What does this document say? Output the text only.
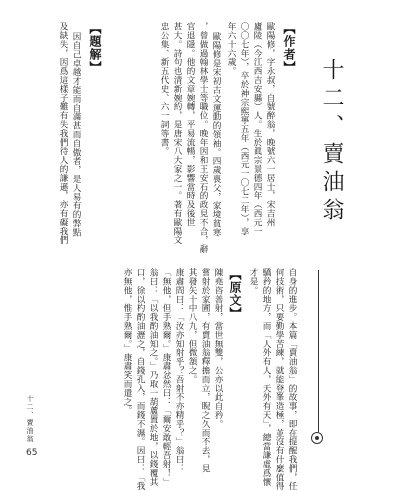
十二、賣油翁
自身的進步。本篇「賣油翁」的故事，即在提醒我們，任
何技術，只要勤學苦練，就能登峯造極，並沒有什麼值得
驕矜的地方，而「人外有人，天外有天」，總當謙虛爲懷
才是。
【原文】
陳堯咨善射，當世無雙，公亦以此自矜。
嘗射於家圃，有賣油翁釋擔而立，睨之久而不去，見
其發矢十中八九，但微頷之。
康肅問曰：「汝亦知射乎？吾射不亦精乎？」翁曰：
「無他，但手熟爾。」康肅忿然曰：「爾安敢輕吾射！」
翁曰：「以我酌油知之。」乃取一葫蘆置於地，以錢覆其
口，徐以杓酌油瀝之，自錢孔入，而錢不濕。因曰：「我
亦無他，惟手熟爾。」康肅笑而遣之。
【作者】
歐陽修，字永叔，自號醉翁，晚號六一居士，宋吉州
廬陵（今江西吉安縣）人。生於眞宗景德四年（西元一
〇〇七年），卒於神宗熙寧五年（西元一〇七二年），享
年六十六歲。
歐陽修是宋初古文運動的領袖。四歲喪父，家境貧寒
，曾做過翰林學士等職位。晚年因和王安石的政見不合，辭
官退隱。他的文章婉轉，平易流暢，影響當時及後世
甚大。詩句也清新婉約，是唐宋八大家之一。著有歐陽文
忠公集、新五代史、六一詞等書。
【題解】
因自己卓越才能而自滿甚而自傲者，是人易有的弊點
及缺失，因爲這樣子難有失我們待人的謙遜，亦有礙我們
十二、賣油翁
65
